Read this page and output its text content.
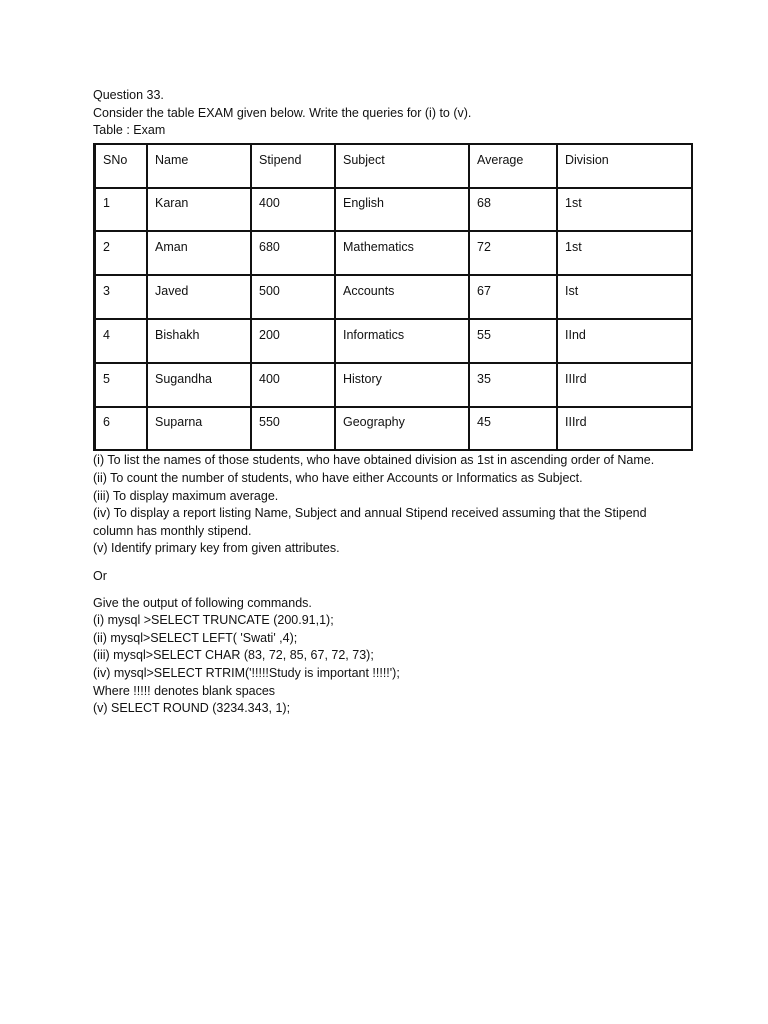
Question 33.
Consider the table EXAM given below. Write the queries for (i) to (v).
Table : Exam
SNo	Name	Stipend	Subject	Average	Division

1	Karan	400	English	68	1st

2	Aman	680	Mathematics	72	1st

3	Javed	500	Accounts	67	Ist

4	Bishakh	200	Informatics	55	IInd

5	Sugandha	400	History	35	IIIrd

6	Suparna	550	Geography	45	IIIrd
(i) To list the names of those students, who have obtained division as 1st in ascending order of Name.
(ii) To count the number of students, who have either Accounts or Informatics as Subject.
(iii) To display maximum average.
(iv) To display a report listing Name, Subject and annual Stipend received assuming that the Stipend
column has monthly stipend.
(v) Identify primary key from given attributes.
Or
Give the output of following commands.
(i) mysql >SELECT TRUNCATE (200.91,1);
(ii) mysql>SELECT LEFT( 'Swati' ,4);
(iii) mysql>SELECT CHAR (83, 72, 85, 67, 72, 73);
(iv) mysql>SELECT RTRIM('!!!!!Study is important !!!!!');
Where !!!!! denotes blank spaces
(v) SELECT ROUND (3234.343, 1);
